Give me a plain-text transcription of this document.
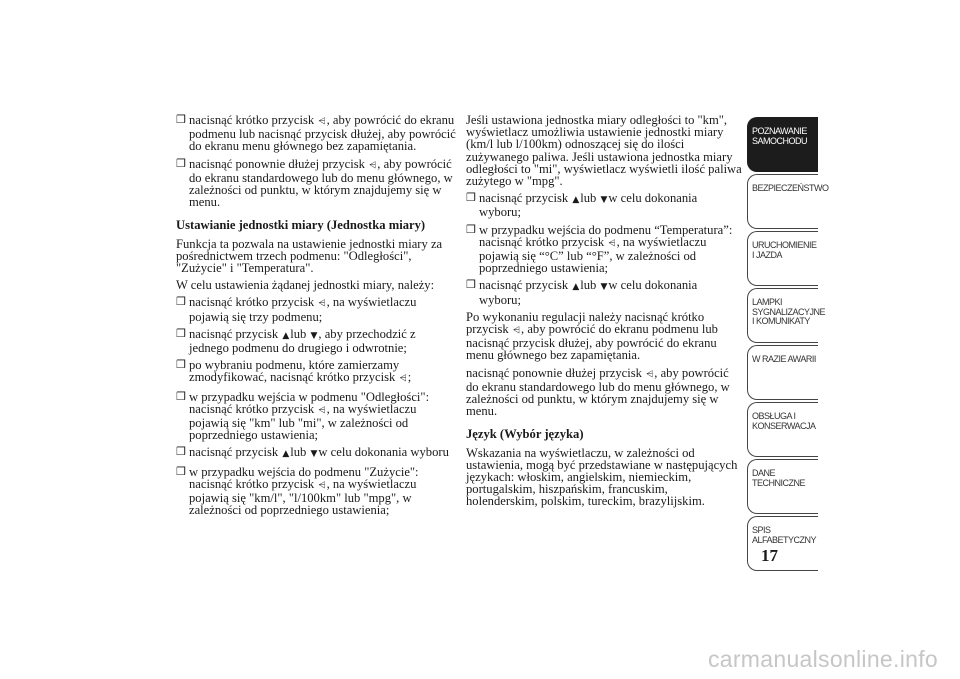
❒ nacisnąć krótko przycisk ⩤, aby powrócić do ekranu podmenu lub nacisnąć przycisk dłużej, aby powrócić do ekranu menu głównego bez zapamiętania.
❒ nacisnąć ponownie dłużej przycisk ⩤, aby powrócić do ekranu standardowego lub do menu głównego, w zależności od punktu, w którym znajdujemy się w menu.
Ustawianie jednostki miary (Jednostka miary)
Funkcja ta pozwala na ustawienie jednostki miary za pośrednictwem trzech podmenu: "Odległości", "Zużycie" i "Temperatura".
W celu ustawienia żądanej jednostki miary, należy:
❒ nacisnąć krótko przycisk ⩤, na wyświetlaczu pojawią się trzy podmenu;
❒ nacisnąć przycisk ▲lub ▼, aby przechodzić z jednego podmenu do drugiego i odwrotnie;
❒ po wybraniu podmenu, które zamierzamy zmodyfikować, nacisnąć krótko przycisk ⩤;
❒ w przypadku wejścia w podmenu "Odległości": nacisnąć krótko przycisk ⩤, na wyświetlaczu pojawią się "km" lub "mi", w zależności od poprzedniego ustawienia;
❒ nacisnąć przycisk ▲lub ▼w celu dokonania wyboru
❒ w przypadku wejścia do podmenu "Zużycie": nacisnąć krótko przycisk ⩤, na wyświetlaczu pojawią się "km/l", "l/100km" lub "mpg", w zależności od poprzedniego ustawienia;
Jeśli ustawiona jednostka miary odległości to "km", wyświetlacz umożliwia ustawienie jednostki miary (km/l lub l/100km) odnoszącej się do ilości zużywanego paliwa. Jeśli ustawiona jednostka miary odległości to "mi", wyświetlacz wyświetli ilość paliwa zużytego w "mpg".
❒ nacisnąć przycisk ▲lub ▼w celu dokonania wyboru;
❒ w przypadku wejścia do podmenu “Temperatura”: nacisnąć krótko przycisk ⩤, na wyświetlaczu pojawią się “°C” lub “°F”, w zależności od poprzedniego ustawienia;
❒ nacisnąć przycisk ▲lub ▼w celu dokonania wyboru;
Po wykonaniu regulacji należy nacisnąć krótko przycisk ⩤, aby powrócić do ekranu podmenu lub nacisnąć przycisk dłużej, aby powrócić do ekranu menu głównego bez zapamiętania.
nacisnąć ponownie dłużej przycisk ⩤, aby powrócić do ekranu standardowego lub do menu głównego, w zależności od punktu, w którym znajdujemy się w menu.
Język (Wybór języka)
Wskazania na wyświetlaczu, w zależności od ustawienia, mogą być przedstawiane w następujących językach: włoskim, angielskim, niemieckim, portugalskim, hiszpańskim, francuskim, holenderskim, polskim, tureckim, brazylijskim.
POZNAWANIE SAMOCHODU
BEZPIECZEŃSTWO
URUCHOMIENIE I JAZDA
LAMPKI SYGNALIZACYJNE I KOMUNIKATY
W RAZIE AWARII
OBSŁUGA I KONSERWACJA
DANE TECHNICZNE
SPIS ALFABETYCZNY
17
carmanualsonline.info
